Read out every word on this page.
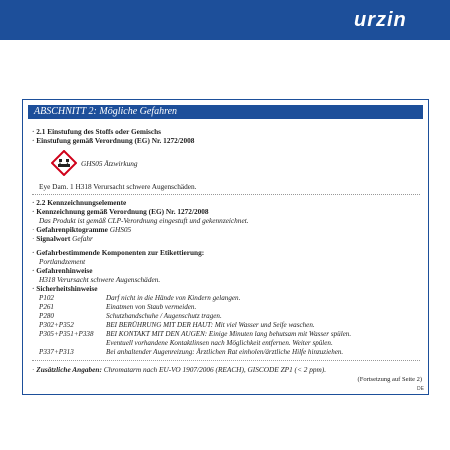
urzin
ABSCHNITT 2: Mögliche Gefahren
· 2.1 Einstufung des Stoffs oder Gemischs
· Einstufung gemäß Verordnung (EG) Nr. 1272/2008
GHS05 Ätzwirkung
Eye Dam. 1 H318 Verursacht schwere Augenschäden.
· 2.2 Kennzeichnungselemente
· Kennzeichnung gemäß Verordnung (EG) Nr. 1272/2008
Das Produkt ist gemäß CLP-Verordnung eingestuft und gekennzeichnet.
· Gefahrenpiktogramme GHS05
· Signalwort Gefahr
· Gefahrbestimmende Komponenten zur Etikettierung:
Portlandzement
· Gefahrenhinweise
H318 Verursacht schwere Augenschäden.
· Sicherheitshinweise
P102	Darf nicht in die Hände von Kindern gelangen.
P261	Einatmen von Staub vermeiden.
P280	Schutzhandschuhe / Augenschutz tragen.
P302+P352	BEI BERÜHRUNG MIT DER HAUT: Mit viel Wasser und Seife waschen.
P305+P351+P338 BEI KONTAKT MIT DEN AUGEN: Einige Minuten lang behutsam mit Wasser spülen.
Eventuell vorhandene Kontaktlinsen nach Möglichkeit entfernen. Weiter spülen.
P337+P313	Bei anhaltender Augenreizung: Ärztlichen Rat einholen/ärztliche Hilfe hinzuziehen.
· Zusätzliche Angaben: Chromatarm nach EU-VO 1907/2006 (REACH), GISCODE ZP1 (< 2 ppm).
(Fortsetzung auf Seite 2)
DE
